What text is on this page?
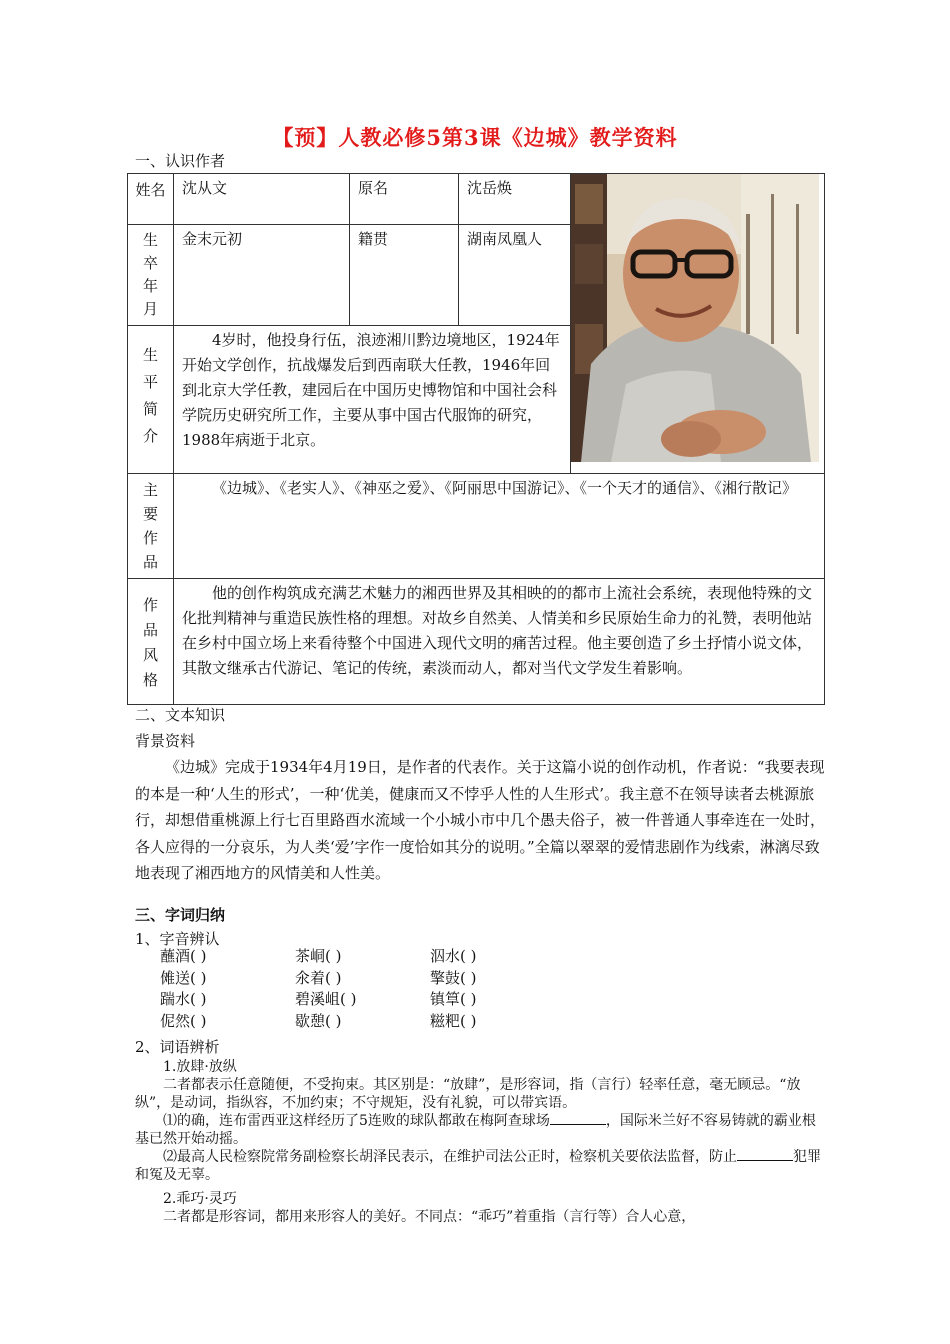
【预】人教必修5第3课《边城》教学资料
一、认识作者
姓名	沈从文	原名	沈岳焕	

生卒年月	金末元初	籍贯	湖南凤凰人	

生平简介	4岁时，他投身行伍，浪迹湘川黔边境地区，1924年开始文学创作，抗战爆发后到西南联大任教，1946年回到北京大学任教，建园后在中国历史博物馆和中国社会科学院历史研究所工作，主要从事中国古代服饰的研究，1988年病逝于北京。			

主要作品	《边城》、《老实人》、《神巫之爱》、《阿丽思中国游记》、《一个天才的通信》、《湘行散记》			

作品风格	他的创作构筑成充满艺术魅力的湘西世界及其相映的的都市上流社会系统，表现他特殊的文化批判精神与重造民族性格的理想。对故乡自然美、人情美和乡民原始生命力的礼赞，表明他站在乡村中国立场上来看待整个中国进入现代文明的痛苦过程。他主要创造了乡土抒情小说文体，其散文继承古代游记、笔记的传统，素淡而动人，都对当代文学发生着影响。			
二、文本知识
背景资料

《边城》完成于1934年4月19日，是作者的代表作。关于这篇小说的创作动机，作者说：“我要表现的本是一种‘人生的形式’，一种‘优美，健康而又不悖乎人性的人生形式’。我主意不在领导读者去桃源旅行，却想借重桃源上行七百里路酉水流域一个小城小市中几个愚夫俗子，被一件普通人事牵连在一处时，各人应得的一分哀乐，为人类‘爱’字作一度恰如其分的说明。”全篇以翠翠的爱情悲剧作为线索，淋漓尽致地表现了湘西地方的风情美和人性美。

三、字词归纳
1、字音辨认
蘸酒( )	茶峒( )	泅水( )
傩送( )	氽着( )	擎鼓( )
踹水( )	碧溪岨( )	镇筸( )
伲然( )	歇憩( )	糍粑( )
2、词语辨析

1.放肆·放纵

二者都表示任意随便，不受拘束。其区别是：“放肆”，是形容词，指（言行）轻率任意，毫无顾忌。“放纵”，是动词，指纵容，不加约束；不守规矩，没有礼貌，可以带宾语。

⑴的确，连布雷西亚这样经历了5连败的球队都敢在梅阿查球场	，国际米兰好不容易铸就的霸业根基已然开始动摇。

⑵最高人民检察院常务副检察长胡泽民表示，在维护司法公正时，检察机关要依法监督，防止	犯罪和冤及无辜。

2.乖巧·灵巧

二者都是形容词，都用来形容人的美好。不同点：“乖巧”着重指（言行等）合人心意，
